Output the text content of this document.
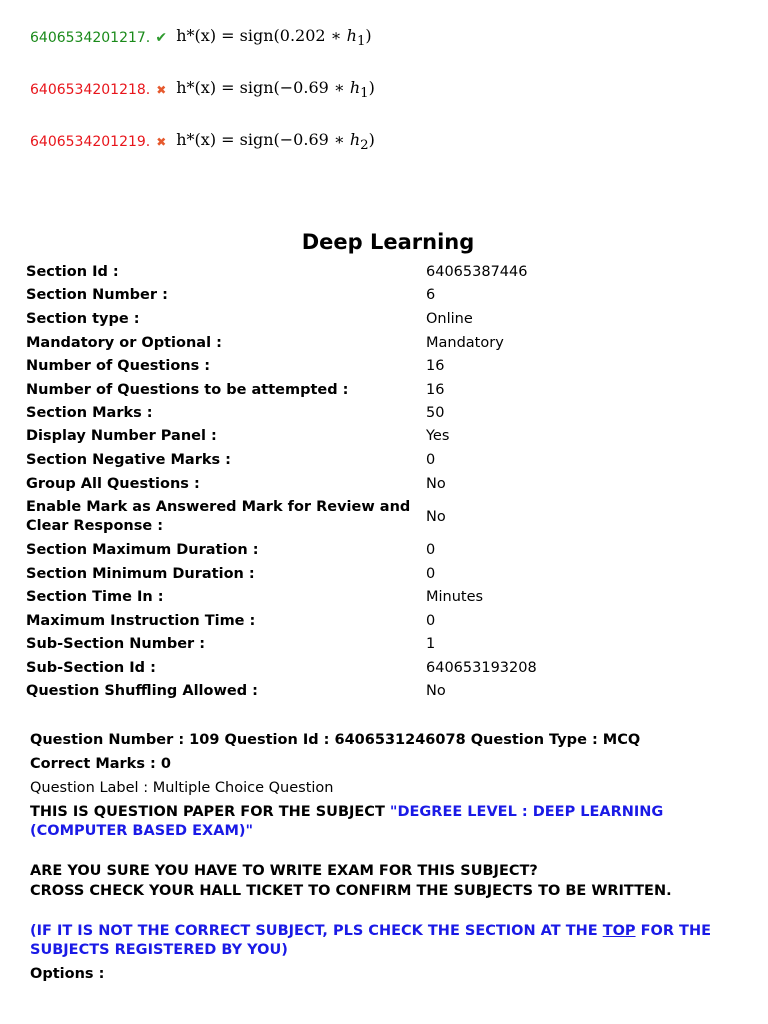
6406534201217. ✔ h*(x) = sign(0.202 ∗ $h_1$)
6406534201218. ✖ h*(x) = sign(−0.69 ∗ $h_1$)
6406534201219. ✖ h*(x) = sign(−0.69 ∗ $h_2$)
Deep Learning
Section Id :	64065387446
Section Number :	6
Section type :	Online
Mandatory or Optional :	Mandatory
Number of Questions :	16
Number of Questions to be attempted :	16
Section Marks :	50
Display Number Panel :	Yes
Section Negative Marks :	0
Group All Questions :	No
Enable Mark as Answered Mark for Review and Clear Response :
No
Section Maximum Duration :	0
Section Minimum Duration :	0
Section Time In :	Minutes
Maximum Instruction Time :	0
Sub-Section Number :	1
Sub-Section Id :	640653193208
Question Shuffling Allowed :	No
Question Number : 109 Question Id : 6406531246078 Question Type : MCQ
Correct Marks : 0
Question Label : Multiple Choice Question
THIS IS QUESTION PAPER FOR THE SUBJECT "DEGREE LEVEL : DEEP LEARNING (COMPUTER BASED EXAM)"
ARE YOU SURE YOU HAVE TO WRITE EXAM FOR THIS SUBJECT?
CROSS CHECK YOUR HALL TICKET TO CONFIRM THE SUBJECTS TO BE WRITTEN.
(IF IT IS NOT THE CORRECT SUBJECT, PLS CHECK THE SECTION AT THE TOP FOR THE SUBJECTS REGISTERED BY YOU)
Options :
